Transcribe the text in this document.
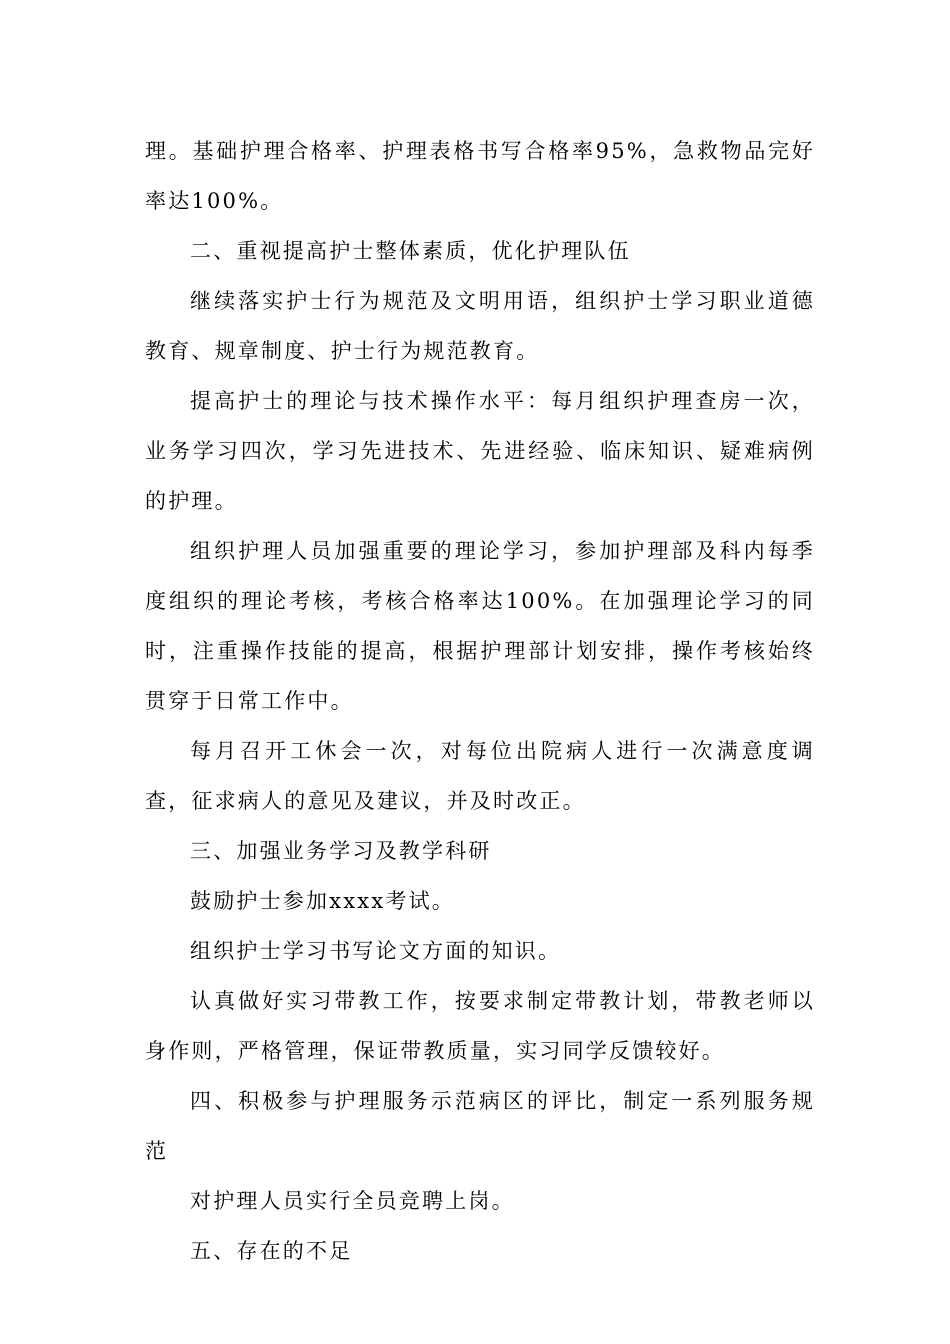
理。基础护理合格率、护理表格书写合格率95%，急救物品完好率达100%。

二、重视提高护士整体素质，优化护理队伍

继续落实护士行为规范及文明用语，组织护士学习职业道德教育、规章制度、护士行为规范教育。

提高护士的理论与技术操作水平：每月组织护理查房一次，业务学习四次，学习先进技术、先进经验、临床知识、疑难病例的护理。

组织护理人员加强重要的理论学习，参加护理部及科内每季度组织的理论考核，考核合格率达100%。在加强理论学习的同时，注重操作技能的提高，根据护理部计划安排，操作考核始终贯穿于日常工作中。

每月召开工休会一次，对每位出院病人进行一次满意度调查，征求病人的意见及建议，并及时改正。

三、加强业务学习及教学科研

鼓励护士参加xxxx考试。

组织护士学习书写论文方面的知识。

认真做好实习带教工作，按要求制定带教计划，带教老师以身作则，严格管理，保证带教质量，实习同学反馈较好。

四、积极参与护理服务示范病区的评比，制定一系列服务规范

对护理人员实行全员竞聘上岗。

五、存在的不足
